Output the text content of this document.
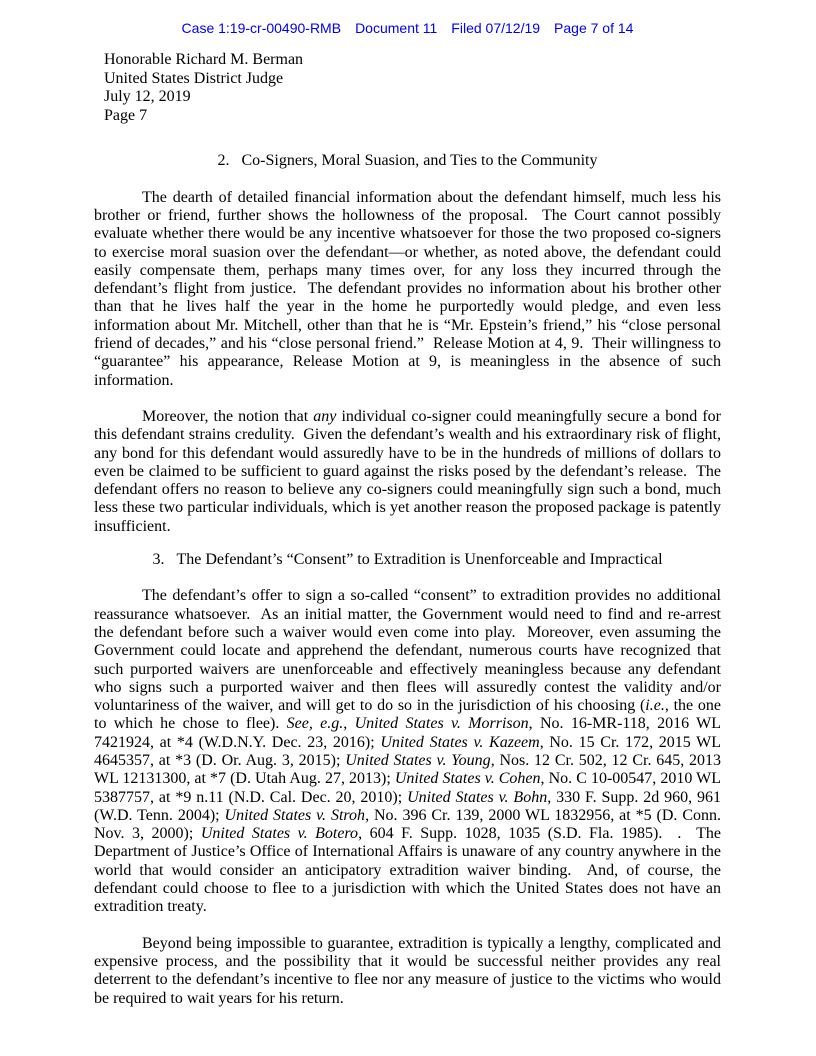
Case 1:19-cr-00490-RMB Document 11 Filed 07/12/19 Page 7 of 14
Honorable Richard M. Berman
United States District Judge
July 12, 2019
Page 7
2. Co-Signers, Moral Suasion, and Ties to the Community

The dearth of detailed financial information about the defendant himself, much less his brother or friend, further shows the hollowness of the proposal.  The Court cannot possibly evaluate whether there would be any incentive whatsoever for those the two proposed co-signers to exercise moral suasion over the defendant—or whether, as noted above, the defendant could easily compensate them, perhaps many times over, for any loss they incurred through the defendant’s flight from justice.  The defendant provides no information about his brother other than that he lives half the year in the home he purportedly would pledge, and even less information about Mr. Mitchell, other than that he is “Mr. Epstein’s friend,” his “close personal friend of decades,” and his “close personal friend.”  Release Motion at 4, 9.  Their willingness to “guarantee” his appearance, Release Motion at 9, is meaningless in the absence of such information.

Moreover, the notion that any individual co-signer could meaningfully secure a bond for this defendant strains credulity.  Given the defendant’s wealth and his extraordinary risk of flight, any bond for this defendant would assuredly have to be in the hundreds of millions of dollars to even be claimed to be sufficient to guard against the risks posed by the defendant’s release.  The defendant offers no reason to believe any co-signers could meaningfully sign such a bond, much less these two particular individuals, which is yet another reason the proposed package is patently insufficient.

3. The Defendant’s “Consent” to Extradition is Unenforceable and Impractical

The defendant’s offer to sign a so-called “consent” to extradition provides no additional reassurance whatsoever.  As an initial matter, the Government would need to find and re-arrest the defendant before such a waiver would even come into play.  Moreover, even assuming the Government could locate and apprehend the defendant, numerous courts have recognized that such purported waivers are unenforceable and effectively meaningless because any defendant who signs such a purported waiver and then flees will assuredly contest the validity and/or voluntariness of the waiver, and will get to do so in the jurisdiction of his choosing (i.e., the one to which he chose to flee). See, e.g., United States v. Morrison, No. 16-MR-118, 2016 WL 7421924, at *4 (W.D.N.Y. Dec. 23, 2016); United States v. Kazeem, No. 15 Cr. 172, 2015 WL 4645357, at *3 (D. Or. Aug. 3, 2015); United States v. Young, Nos. 12 Cr. 502, 12 Cr. 645, 2013 WL 12131300, at *7 (D. Utah Aug. 27, 2013); United States v. Cohen, No. C 10-00547, 2010 WL 5387757, at *9 n.11 (N.D. Cal. Dec. 20, 2010); United States v. Bohn, 330 F. Supp. 2d 960, 961 (W.D. Tenn. 2004); United States v. Stroh, No. 396 Cr. 139, 2000 WL 1832956, at *5 (D. Conn. Nov. 3, 2000); United States v. Botero, 604 F. Supp. 1028, 1035 (S.D. Fla. 1985).  .  The Department of Justice’s Office of International Affairs is unaware of any country anywhere in the world that would consider an anticipatory extradition waiver binding.  And, of course, the defendant could choose to flee to a jurisdiction with which the United States does not have an extradition treaty.

Beyond being impossible to guarantee, extradition is typically a lengthy, complicated and expensive process, and the possibility that it would be successful neither provides any real deterrent to the defendant’s incentive to flee nor any measure of justice to the victims who would be required to wait years for his return.
